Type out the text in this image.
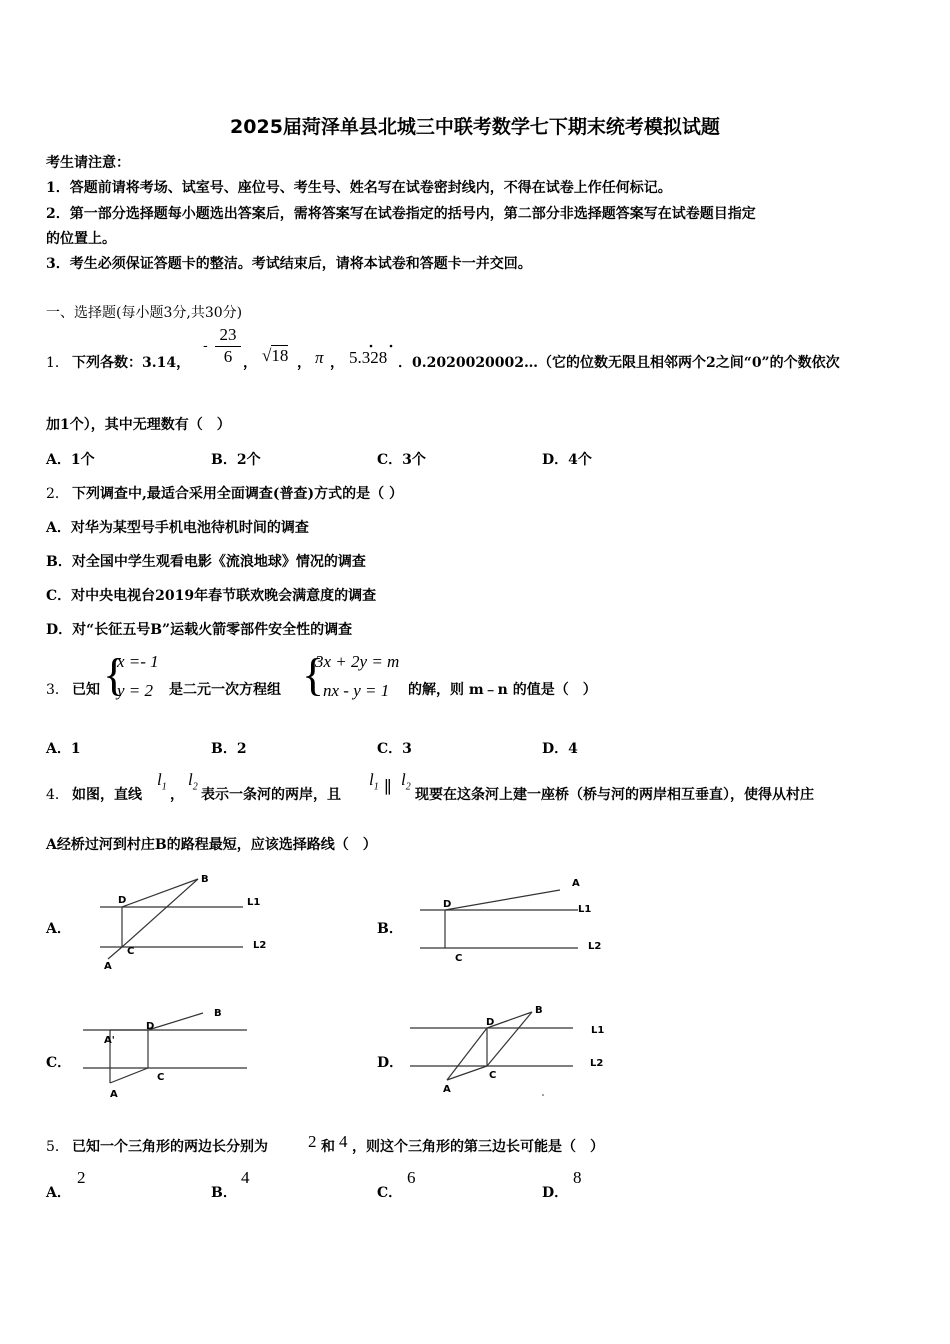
2025届菏泽单县北城三中联考数学七下期末统考模拟试题
考生请注意：
1．答题前请将考场、试室号、座位号、考生号、姓名写在试卷密封线内，不得在试卷上作任何标记。
2．第一部分选择题每小题选出答案后，需将答案写在试卷指定的括号内，第二部分非选择题答案写在试卷题目指定
的位置上。
3．考生必须保证答题卡的整洁。考试结束后，请将本试卷和答题卡一并交回。
一、选择题(每小题3分,共30分)
1． 下列各数：3.14，
-
23
6 ， √18 ， π ， 5.328 ．0.2020020002…（它的位数无限且相邻两个2之间“0”的个数依次
加1个），其中无理数有（　）
A．1个	B．2个	C．3个	D．4个
2． 下列调查中,最适合采用全面调查(普查)方式的是（ ）
A．对华为某型号手机电池待机时间的调查
B．对全国中学生观看电影《流浪地球》情况的调查
C．对中央电视台2019年春节联欢晚会满意度的调查
D．对“长征五号B”运载火箭零部件安全性的调查
3． 已知 {
x =- 1
y = 2 是二元一次方程组 {
3x + 2y = m
nx - y = 1 的解，则 m﹣n 的值是（　）
A．1	B．2	C．3	D．4
4． 如图，直线
$l_1$
，
$l_2$
表示一条河的两岸，且
$l_1$ ∥ $l_2$
现要在这条河上建一座桥（桥与河的两岸相互垂直），使得从村庄
A经桥过河到村庄B的路程最短，应该选择路线（　）
A．
B
D
C
A
L1
L2
B．
A
D
C
L1
L2
C．
B
D
A'
C
A
D．
B
D
C
A
L1
L2
5． 已知一个三角形的两边长分别为 2 和 4 ，则这个三角形的第三边长可能是（　）
A．
2
B．
4
C．
6
D．
8
